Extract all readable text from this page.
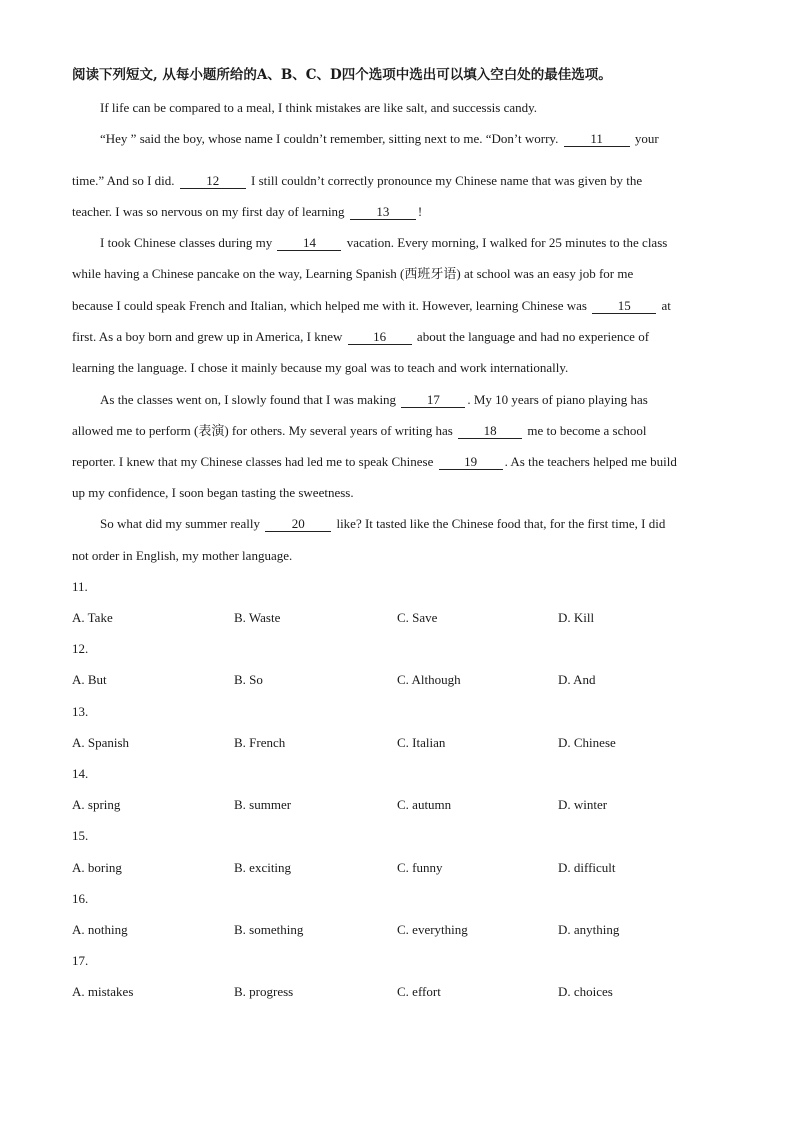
阅读下列短文, 从每小题所给的A、B、C、D四个选项中选出可以填入空白处的最佳选项。
If life can be compared to a meal, I think mistakes are like salt, and successis candy.
“Hey ” said the boy, whose name I couldn’t remember, sitting next to me. “Don’t worry. 11 your
time.” And so I did. 12 I still couldn’t correctly pronounce my Chinese name that was given by the
teacher. I was so nervous on my first day of learning 13 !
I took Chinese classes during my 14 vacation. Every morning, I walked for 25 minutes to the class
while having a Chinese pancake on the way, Learning Spanish (西班牙语) at school was an easy job for me
because I could speak French and Italian, which helped me with it. However, learning Chinese was 15 at
first. As a boy born and grew up in America, I knew 16 about the language and had no experience of
learning the language. I chose it mainly because my goal was to teach and work internationally.
As the classes went on, I slowly found that I was making 17 . My 10 years of piano playing has
allowed me to perform (表演) for others. My several years of writing has 18 me to become a school
reporter. I knew that my Chinese classes had led me to speak Chinese 19 . As the teachers helped me build
up my confidence, I soon began tasting the sweetness.
So what did my summer really 20 like? It tasted like the Chinese food that, for the first time, I did
not order in English, my mother language.
11.
A. Take	B. Waste	C. Save	D. Kill
12.
A. But	B. So	C. Although	D. And
13.
A. Spanish	B. French	C. Italian	D. Chinese
14.
A. spring	B. summer	C. autumn	D. winter
15.
A. boring	B. exciting	C. funny	D. difficult
16.
A. nothing	B. something	C. everything	D. anything
17.
A. mistakes	B. progress	C. effort	D. choices
